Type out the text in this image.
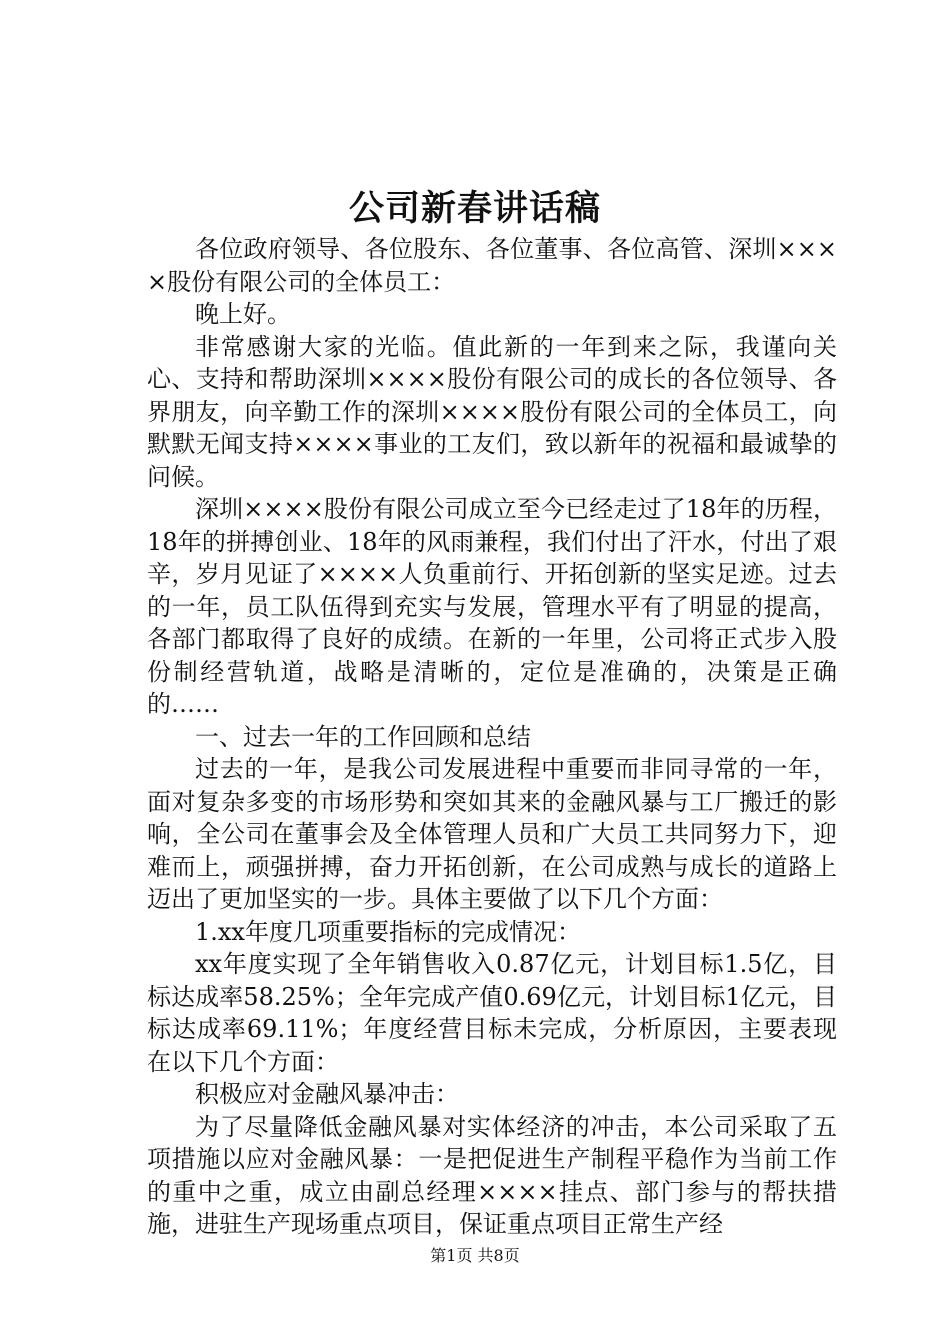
公司新春讲话稿

各位政府领导、各位股东、各位董事、各位高管、深圳××××股份有限公司的全体员工：

晚上好。

非常感谢大家的光临。值此新的一年到来之际，我谨向关心、支持和帮助深圳××××股份有限公司的成长的各位领导、各界朋友，向辛勤工作的深圳××××股份有限公司的全体员工，向默默无闻支持××××事业的工友们，致以新年的祝福和最诚挚的问候。

深圳××××股份有限公司成立至今已经走过了18年的历程，18年的拼搏创业、18年的风雨兼程，我们付出了汗水，付出了艰辛，岁月见证了××××人负重前行、开拓创新的坚实足迹。过去的一年，员工队伍得到充实与发展，管理水平有了明显的提高，各部门都取得了良好的成绩。在新的一年里，公司将正式步入股份制经营轨道，战略是清晰的，定位是准确的，决策是正确的……

一、过去一年的工作回顾和总结

过去的一年，是我公司发展进程中重要而非同寻常的一年，面对复杂多变的市场形势和突如其来的金融风暴与工厂搬迁的影响，全公司在董事会及全体管理人员和广大员工共同努力下，迎难而上，顽强拼搏，奋力开拓创新，在公司成熟与成长的道路上迈出了更加坚实的一步。具体主要做了以下几个方面：

1.xx年度几项重要指标的完成情况：

xx年度实现了全年销售收入0.87亿元，计划目标1.5亿，目标达成率58.25%；全年完成产值0.69亿元，计划目标1亿元，目标达成率69.11%；年度经营目标未完成，分析原因，主要表现在以下几个方面：

积极应对金融风暴冲击：

为了尽量降低金融风暴对实体经济的冲击，本公司采取了五项措施以应对金融风暴：一是把促进生产制程平稳作为当前工作的重中之重，成立由副总经理××××挂点、部门参与的帮扶措施，进驻生产现场重点项目，保证重点项目正常生产经

第1页 共8页
